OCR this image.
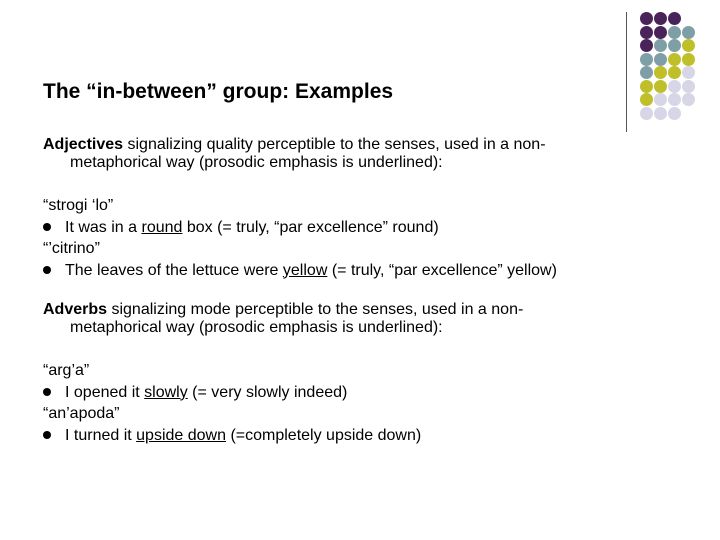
The “in-between” group: Examples
Adjectives signalizing quality perceptible to the senses, used in a non-
metaphorical way (prosodic emphasis is underlined):
“strogi ‘lo”
It was in a round box (= truly, “par excellence” round)
“’citrino”
The leaves of the lettuce were yellow (= truly, “par excellence” yellow)
Adverbs signalizing mode perceptible to the senses, used in a non-
metaphorical way (prosodic emphasis is underlined):
“arg’a”
I opened it slowly (= very slowly indeed)
“an’apoda”
I turned it upside down (=completely upside down)
